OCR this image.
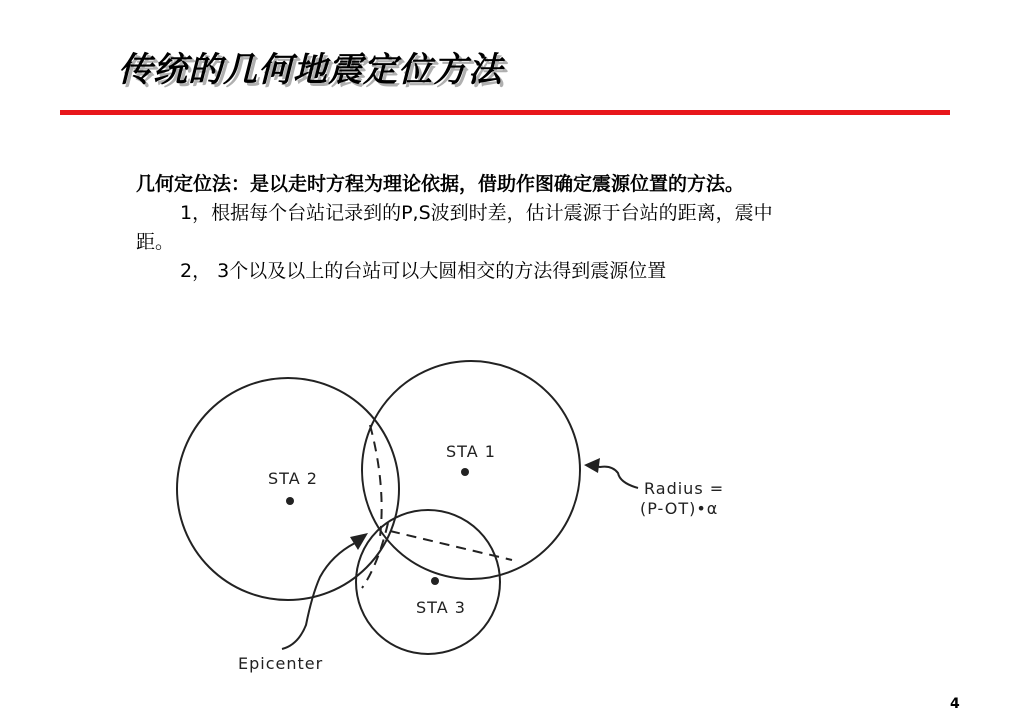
传统的几何地震定位方法

几何定位法：是以走时方程为理论依据，借助作图确定震源位置的方法。

1，根据每个台站记录到的P,S波到时差，估计震源于台站的距离，震中距。

2， 3个以及以上的台站可以大圆相交的方法得到震源位置

STA 1
STA 2
STA 3
Radius =
(P-OT)•α
Epicenter
4
